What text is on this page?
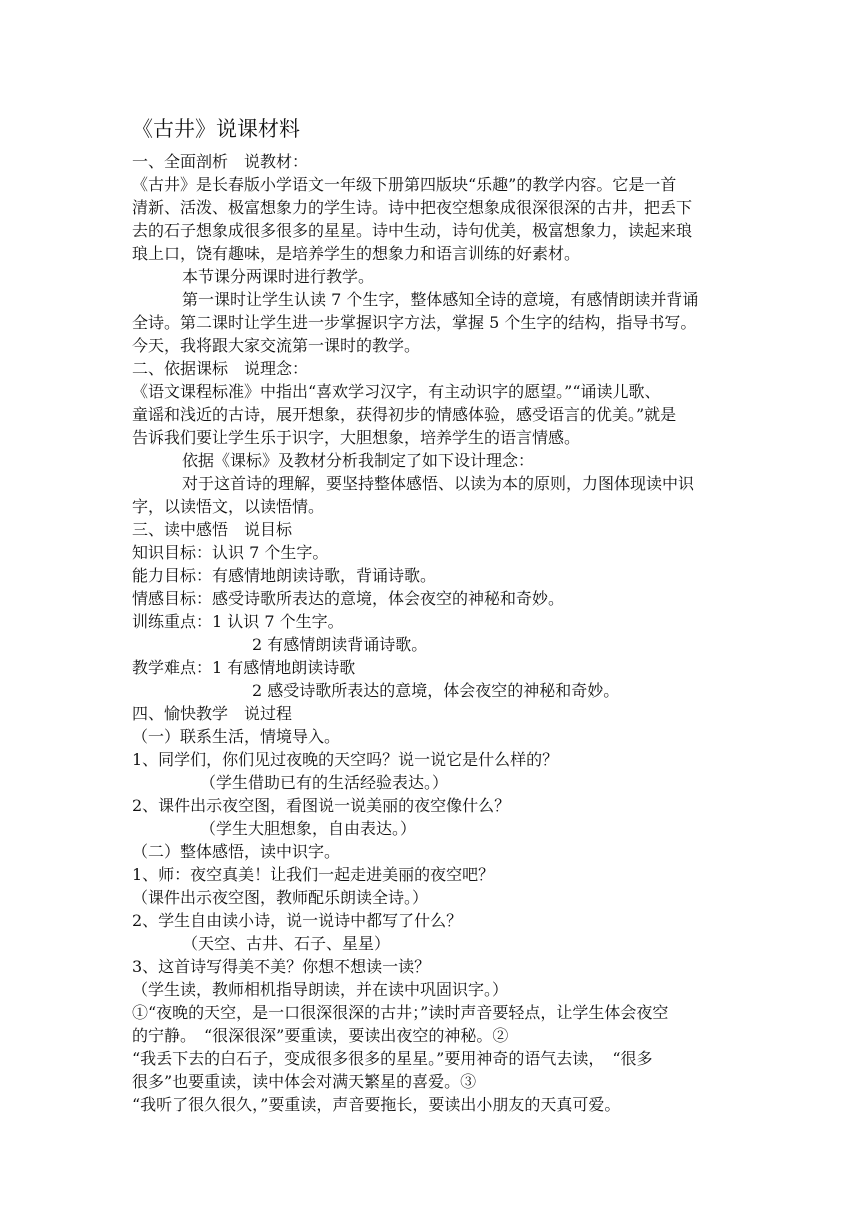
《古井》说课材料
一、全面剖析　说教材：
《古井》是长春版小学语文一年级下册第四版块“乐趣”的教学内容。它是一首
清新、活泼、极富想象力的学生诗。诗中把夜空想象成很深很深的古井，把丢下
去的石子想象成很多很多的星星。诗中生动，诗句优美，极富想象力，读起来琅
琅上口，饶有趣味，是培养学生的想象力和语言训练的好素材。
本节课分两课时进行教学。
第一课时让学生认读 7 个生字，整体感知全诗的意境，有感情朗读并背诵
全诗。第二课时让学生进一步掌握识字方法，掌握 5 个生字的结构，指导书写。
今天，我将跟大家交流第一课时的教学。
二、依据课标　说理念：
《语文课程标准》中指出“喜欢学习汉字，有主动识字的愿望。”“诵读儿歌、
童谣和浅近的古诗，展开想象，获得初步的情感体验，感受语言的优美。”就是
告诉我们要让学生乐于识字，大胆想象，培养学生的语言情感。
依据《课标》及教材分析我制定了如下设计理念：
对于这首诗的理解，要坚持整体感悟、以读为本的原则，力图体现读中识
字，以读悟文，以读悟情。
三、读中感悟　说目标
知识目标：认识 7 个生字。
能力目标：有感情地朗读诗歌，背诵诗歌。
情感目标：感受诗歌所表达的意境，体会夜空的神秘和奇妙。
训练重点：1 认识 7 个生字。
2 有感情朗读背诵诗歌。
教学难点：1 有感情地朗读诗歌
2 感受诗歌所表达的意境，体会夜空的神秘和奇妙。
四、愉快教学　说过程
（一）联系生活，情境导入。
1、同学们，你们见过夜晚的天空吗？说一说它是什么样的？
（学生借助已有的生活经验表达。）
2、课件出示夜空图，看图说一说美丽的夜空像什么？
（学生大胆想象，自由表达。）
（二）整体感悟，读中识字。
1、师：夜空真美！让我们一起走进美丽的夜空吧？
（课件出示夜空图，教师配乐朗读全诗。）
2、学生自由读小诗，说一说诗中都写了什么？
（天空、古井、石子、星星）
3、这首诗写得美不美？你想不想读一读？
（学生读，教师相机指导朗读，并在读中巩固识字。）
①“夜晚的天空，是一口很深很深的古井；”读时声音要轻点，让学生体会夜空
的宁静。　“很深很深”要重读，要读出夜空的神秘。②
“我丢下去的白石子，变成很多很多的星星。”要用神奇的语气去读，　“很多
很多”也要重读，读中体会对满天繁星的喜爱。③
“我听了很久很久，”要重读，声音要拖长，要读出小朋友的天真可爱。
